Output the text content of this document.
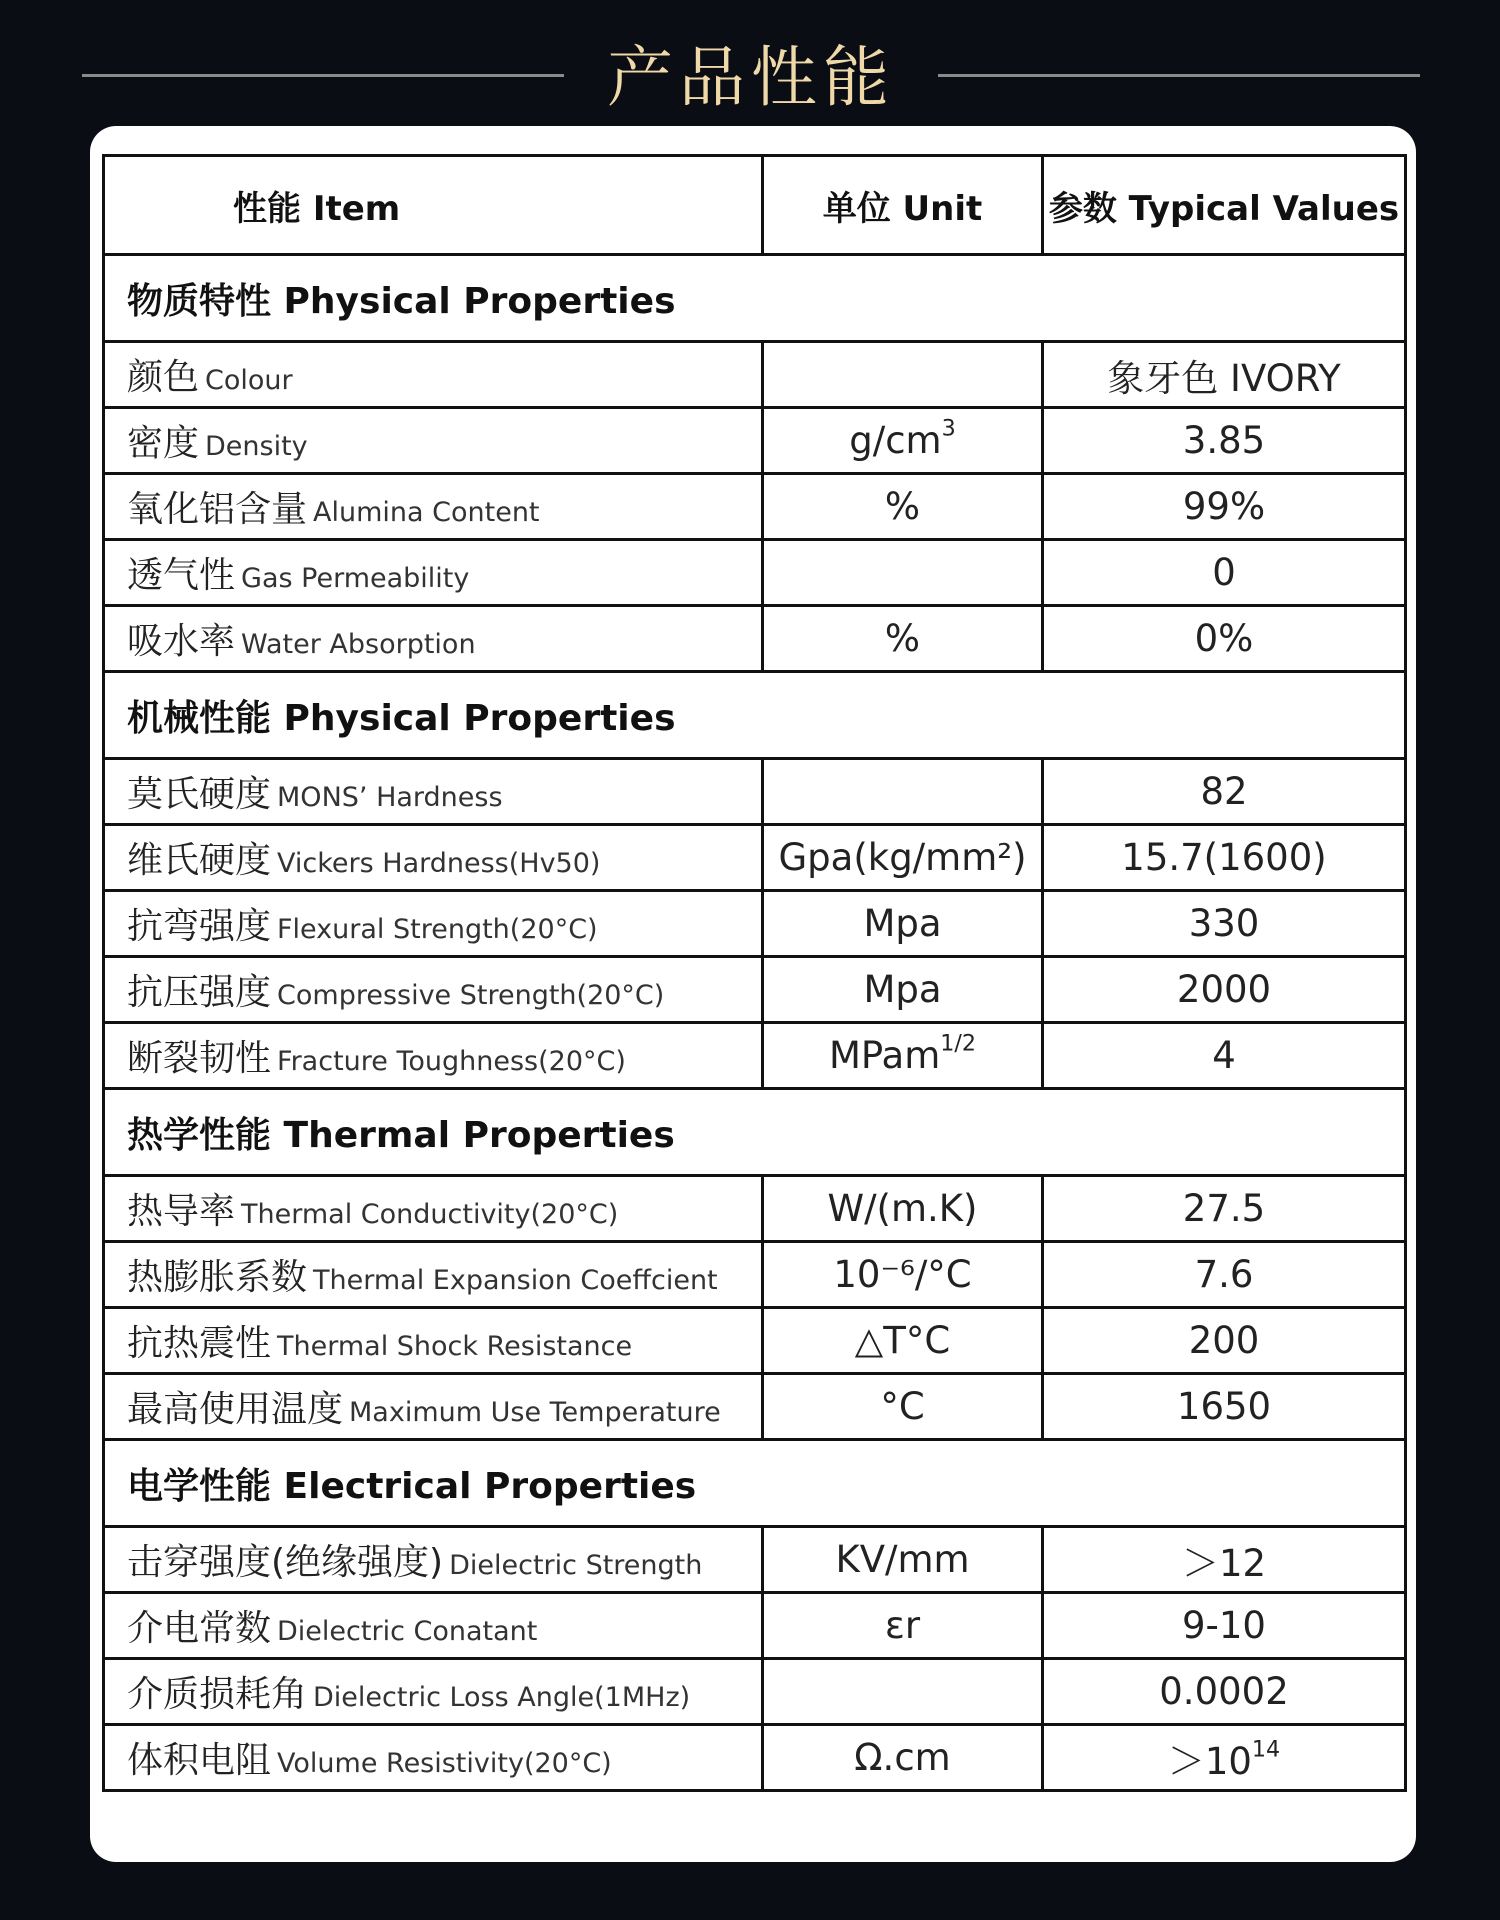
产品性能
性能 Item	单位 Unit	参数 Typical Values
物质特性 Physical Properties		
颜色 Colour		象牙色 IVORY
密度 Density	$g/cm^3$	3.85
氧化铝含量 Alumina Content	%	99%
透气性 Gas Permeability		0
吸水率 Water Absorption	%	0%
机械性能 Physical Properties		
莫氏硬度 MONS’ Hardness		82
维氏硬度 Vickers Hardness(Hv50)	Gpa(kg/mm²)	15.7(1600)
抗弯强度 Flexural Strength(20°C)	Mpa	330
抗压强度 Compressive Strength(20°C)	Mpa	2000
断裂韧性 Fracture Toughness(20°C)	MPam$^{1/2}$	4
热学性能 Thermal Properties		
热导率 Thermal Conductivity(20°C)	W/(m.K)	27.5
热膨胀系数 Thermal Expansion Coeffcient	10⁻⁶/°C	7.6
抗热震性 Thermal Shock Resistance	△T°C	200
最高使用温度 Maximum Use Temperature	°C	1650
电学性能 Electrical Properties		
击穿强度(绝缘强度) Dielectric Strength	KV/mm	＞12
介电常数 Dielectric Conatant	εr	9-10
介质损耗角 Dielectric Loss Angle(1MHz)		0.0002
体积电阻 Volume Resistivity(20°C)	Ω.cm	$>10^{14}$
